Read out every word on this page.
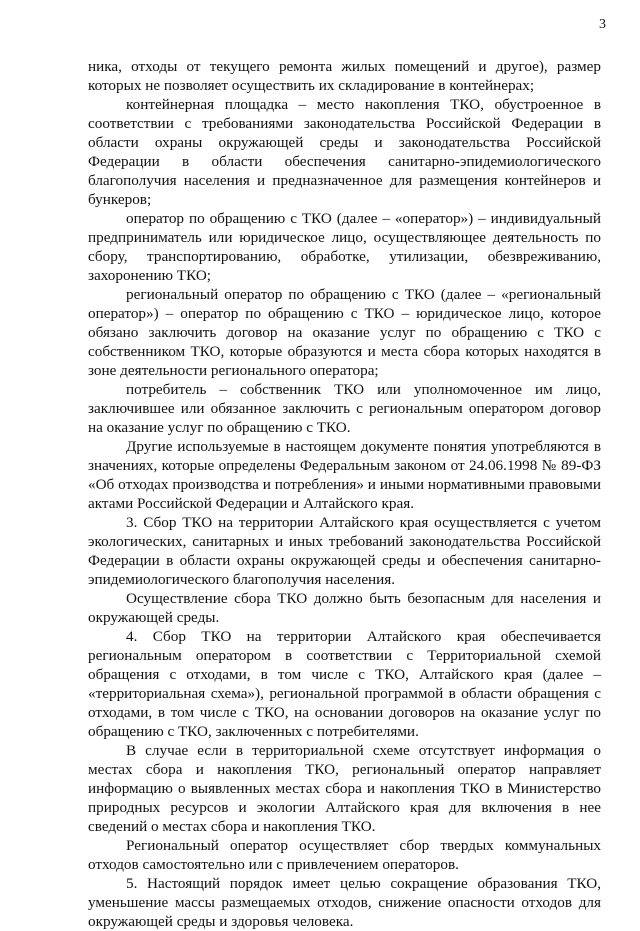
3

ника, отходы от текущего ремонта жилых помещений и другое), размер которых не позволяет осуществить их складирование в контейнерах;

контейнерная площадка – место накопления ТКО, обустроенное в соответствии с требованиями законодательства Российской Федерации в области охраны окружающей среды и законодательства Российской Федерации в области обеспечения санитарно-эпидемиологического благополучия населения и предназначенное для размещения контейнеров и бункеров;

оператор по обращению с ТКО (далее – «оператор») – индивидуальный предприниматель или юридическое лицо, осуществляющее деятельность по сбору, транспортированию, обработке, утилизации, обезвреживанию, захоронению ТКО;

региональный оператор по обращению с ТКО (далее – «региональный оператор») – оператор по обращению с ТКО – юридическое лицо, которое обязано заключить договор на оказание услуг по обращению с ТКО с собственником ТКО, которые образуются и места сбора которых находятся в зоне деятельности регионального оператора;

потребитель – собственник ТКО или уполномоченное им лицо, заключившее или обязанное заключить с региональным оператором договор на оказание услуг по обращению с ТКО.

Другие используемые в настоящем документе понятия употребляются в значениях, которые определены Федеральным законом от 24.06.1998 № 89-ФЗ «Об отходах производства и потребления» и иными нормативными правовыми актами Российской Федерации и Алтайского края.

3. Сбор ТКО на территории Алтайского края осуществляется с учетом экологических, санитарных и иных требований законодательства Российской Федерации в области охраны окружающей среды и обеспечения санитарно-эпидемиологического благополучия населения.

Осуществление сбора ТКО должно быть безопасным для населения и окружающей среды.

4. Сбор ТКО на территории Алтайского края обеспечивается региональным оператором в соответствии с Территориальной схемой обращения с отходами, в том числе с ТКО, Алтайского края (далее – «территориальная схема»), региональной программой в области обращения с отходами, в том числе с ТКО, на основании договоров на оказание услуг по обращению с ТКО, заключенных с потребителями.

В случае если в территориальной схеме отсутствует информация о местах сбора и накопления ТКО, региональный оператор направляет информацию о выявленных местах сбора и накопления ТКО в Министерство природных ресурсов и экологии Алтайского края для включения в нее сведений о местах сбора и накопления ТКО.

Региональный оператор осуществляет сбор твердых коммунальных отходов самостоятельно или с привлечением операторов.

5. Настоящий порядок имеет целью сокращение образования ТКО, уменьшение массы размещаемых отходов, снижение опасности отходов для окружающей среды и здоровья человека.
